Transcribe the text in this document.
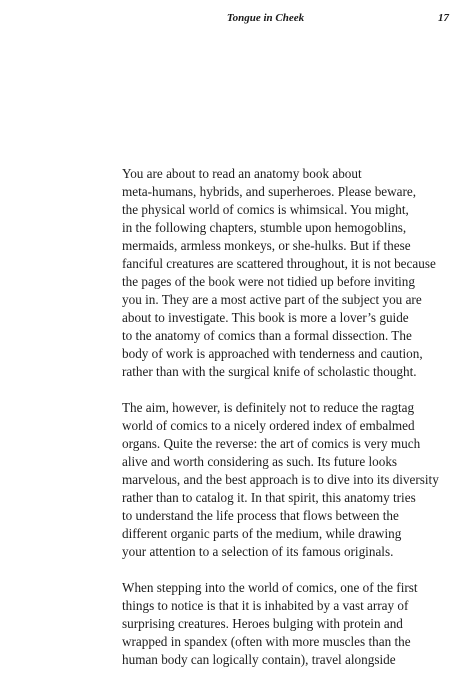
Tongue in Cheek	17

You are about to read an anatomy book about
meta-humans, hybrids, and superheroes. Please beware,
the physical world of comics is whimsical. You might,
in the following chapters, stumble upon hemogoblins,
mermaids, armless monkeys, or she-hulks. But if these
fanciful creatures are scattered throughout, it is not because
the pages of the book were not tidied up before inviting
you in. They are a most active part of the subject you are
about to investigate. This book is more a lover’s guide
to the anatomy of comics than a formal dissection. The
body of work is approached with tenderness and caution,
rather than with the surgical knife of scholastic thought.

The aim, however, is definitely not to reduce the ragtag
world of comics to a nicely ordered index of embalmed
organs. Quite the reverse: the art of comics is very much
alive and worth considering as such. Its future looks
marvelous, and the best approach is to dive into its diversity
rather than to catalog it. In that spirit, this anatomy tries
to understand the life process that flows between the
different organic parts of the medium, while drawing
your attention to a selection of its famous originals.

When stepping into the world of comics, one of the first
things to notice is that it is inhabited by a vast array of
surprising creatures. Heroes bulging with protein and
wrapped in spandex (often with more muscles than the
human body can logically contain), travel alongside
